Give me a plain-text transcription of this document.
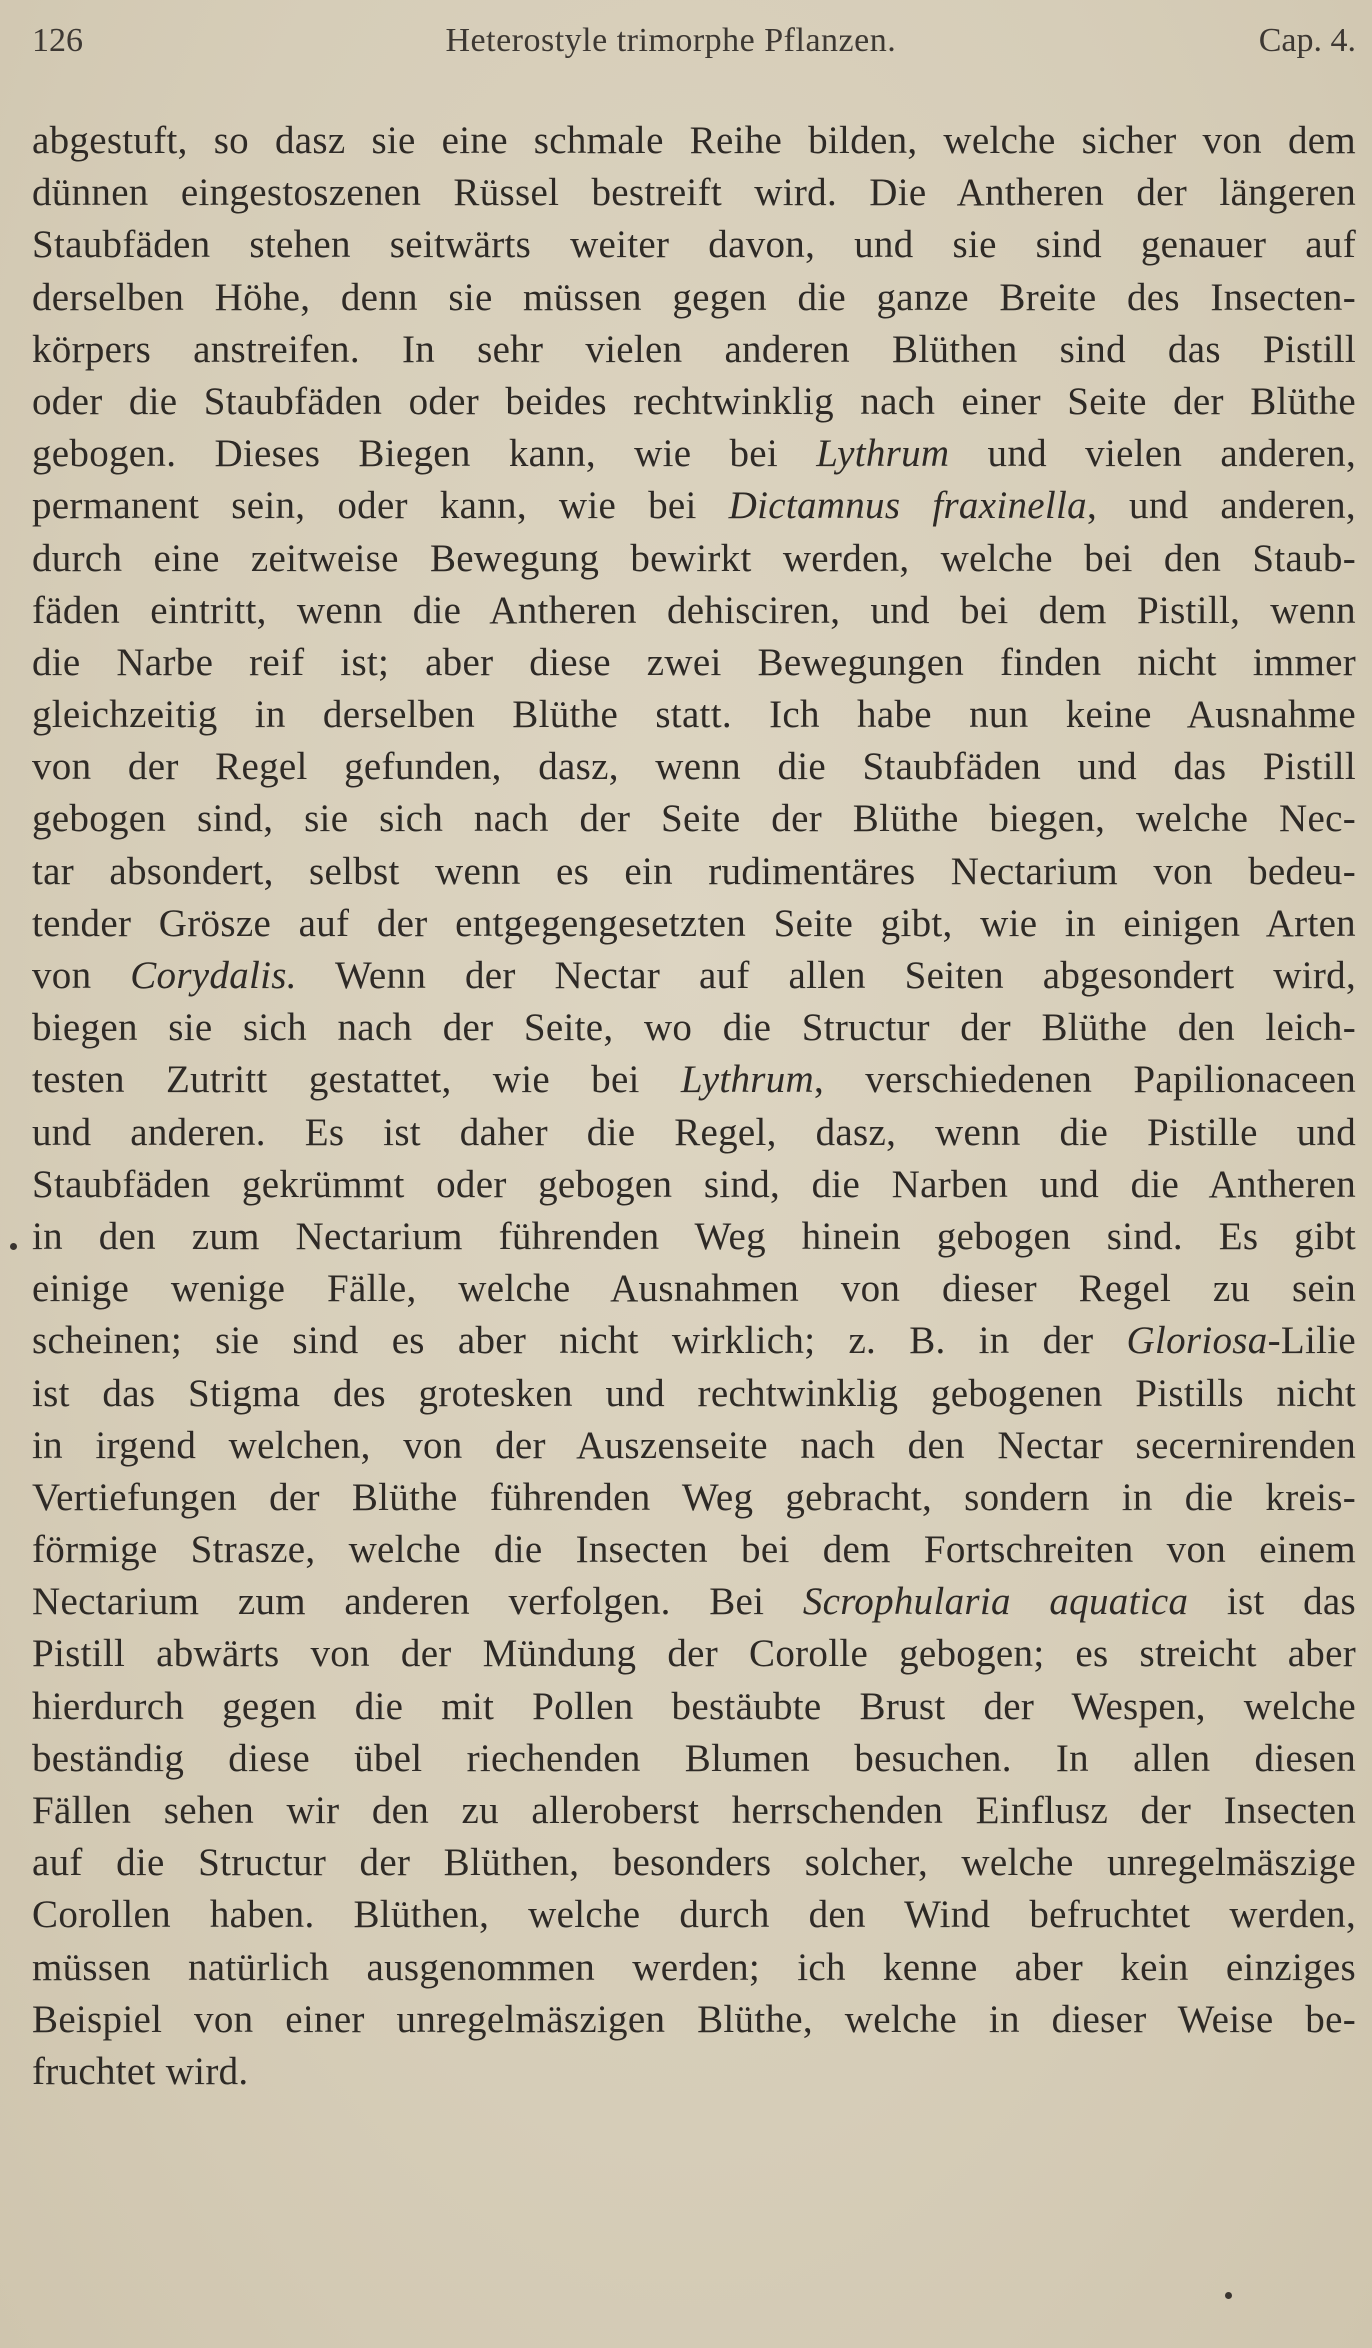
126	Heterostyle trimorphe Pflanzen.	Cap. 4.
abgestuft, so dasz sie eine schmale Reihe bilden, welche sicher von dem
dünnen eingestoszenen Rüssel bestreift wird. Die Antheren der längeren
Staubfäden stehen seitwärts weiter davon, und sie sind genauer auf
derselben Höhe, denn sie müssen gegen die ganze Breite des Insecten-
körpers anstreifen. In sehr vielen anderen Blüthen sind das Pistill
oder die Staubfäden oder beides rechtwinklig nach einer Seite der Blüthe
gebogen. Dieses Biegen kann, wie bei Lythrum und vielen anderen,
permanent sein, oder kann, wie bei Dictamnus fraxinella, und anderen,
durch eine zeitweise Bewegung bewirkt werden, welche bei den Staub-
fäden eintritt, wenn die Antheren dehisciren, und bei dem Pistill, wenn
die Narbe reif ist; aber diese zwei Bewegungen finden nicht immer
gleichzeitig in derselben Blüthe statt. Ich habe nun keine Ausnahme
von der Regel gefunden, dasz, wenn die Staubfäden und das Pistill
gebogen sind, sie sich nach der Seite der Blüthe biegen, welche Nec-
tar absondert, selbst wenn es ein rudimentäres Nectarium von bedeu-
tender Grösze auf der entgegengesetzten Seite gibt, wie in einigen Arten
von Corydalis. Wenn der Nectar auf allen Seiten abgesondert wird,
biegen sie sich nach der Seite, wo die Structur der Blüthe den leich-
testen Zutritt gestattet, wie bei Lythrum, verschiedenen Papilionaceen
und anderen. Es ist daher die Regel, dasz, wenn die Pistille und
Staubfäden gekrümmt oder gebogen sind, die Narben und die Antheren
in den zum Nectarium führenden Weg hinein gebogen sind. Es gibt
einige wenige Fälle, welche Ausnahmen von dieser Regel zu sein
scheinen; sie sind es aber nicht wirklich; z. B. in der Gloriosa-Lilie
ist das Stigma des grotesken und rechtwinklig gebogenen Pistills nicht
in irgend welchen, von der Auszenseite nach den Nectar secernirenden
Vertiefungen der Blüthe führenden Weg gebracht, sondern in die kreis-
förmige Strasze, welche die Insecten bei dem Fortschreiten von einem
Nectarium zum anderen verfolgen. Bei Scrophularia aquatica ist das
Pistill abwärts von der Mündung der Corolle gebogen; es streicht aber
hierdurch gegen die mit Pollen bestäubte Brust der Wespen, welche
beständig diese übel riechenden Blumen besuchen. In allen diesen
Fällen sehen wir den zu alleroberst herrschenden Einflusz der Insecten
auf die Structur der Blüthen, besonders solcher, welche unregelmäszige
Corollen haben. Blüthen, welche durch den Wind befruchtet werden,
müssen natürlich ausgenommen werden; ich kenne aber kein einziges
Beispiel von einer unregelmäszigen Blüthe, welche in dieser Weise be-
fruchtet wird.
